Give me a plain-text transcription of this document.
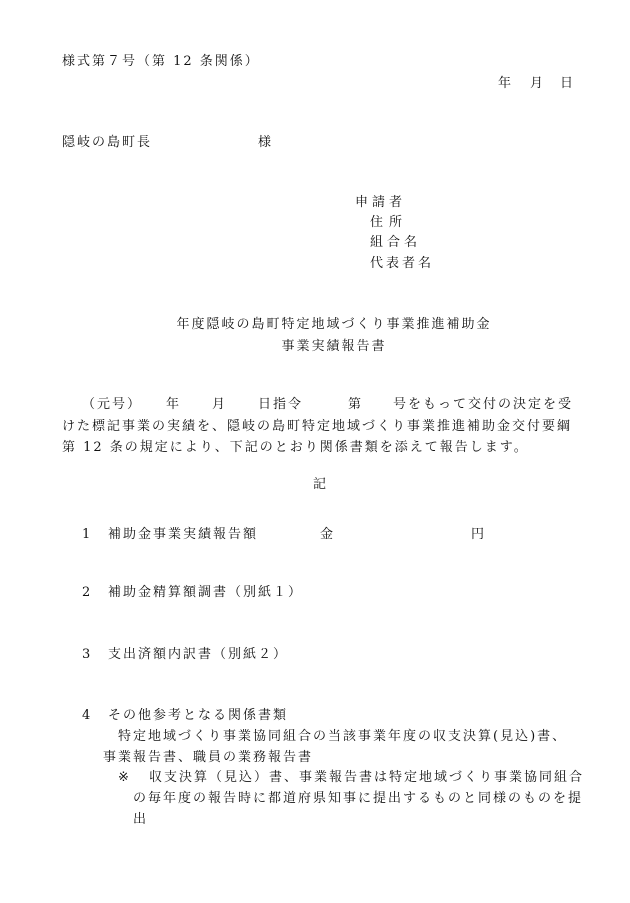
様式第７号（第 12 条関係）
年 月 日
隠岐の島町長	様
申請者
住所
組合名
代表者名
年度隠岐の島町特定地域づくり事業推進補助金
事業実績報告書
（元号） 年 月 日指令	第 号をもって交付の決定を受
けた標記事業の実績を、隠岐の島町特定地域づくり事業推進補助金交付要綱
第 12 条の規定により、下記のとおり関係書類を添えて報告します。
記
1 補助金事業実績報告額	金	円
2 補助金精算額調書（別紙１）
3 支出済額内訳書（別紙２）
4 その他参考となる関係書類
特定地域づくり事業協同組合の当該事業年度の収支決算(見込)書、
事業報告書、職員の業務報告書
※ 収支決算（見込）書、事業報告書は特定地域づくり事業協同組合
の毎年度の報告時に都道府県知事に提出するものと同様のものを提
出
